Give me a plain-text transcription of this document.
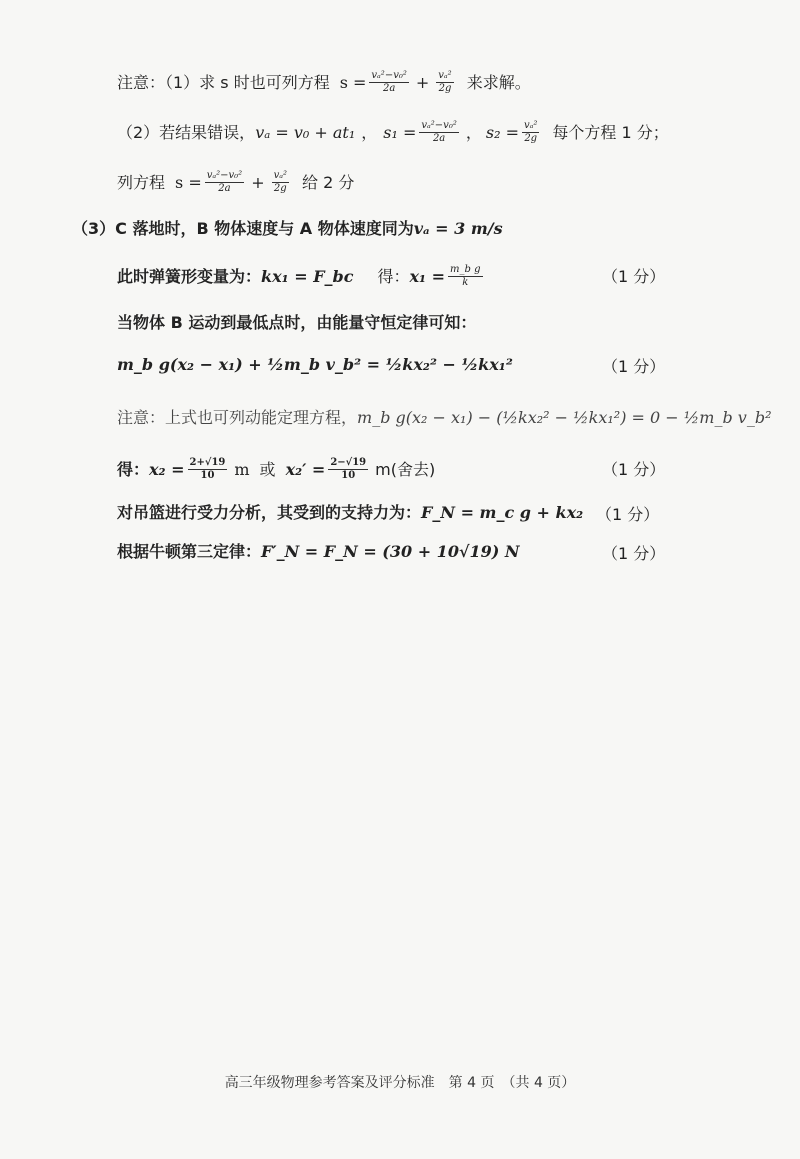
注意：（1）求 s 时也可列方程 $s = \frac{\text{vₐ²−v₀²}}{2a} + \frac{\text{vₐ²}}{2g}$ 来求解。
（2）若结果错误， vₐ = v₀ + at₁ ， $s_1 = \frac{\text{vₐ²−v₀²}}{2a}$ ， $s_2 = \frac{\text{vₐ²}}{2g}$ 每个方程 1 分；
列方程 $s = \frac{\text{vₐ²−v₀²}}{2a} + \frac{\text{vₐ²}}{2g}$ 给 2 分
（3） C 落地时，B 物体速度与 A 物体速度同为 vₐ = 3 m/s
此时弹簧形变量为： kx₁ = F_bc 得： $x_1 = \frac{\text{m\_b g}}{k}$	（1 分）
当物体 B 运动到最低点时，由能量守恒定律可知：
m_b g(x₂ − x₁) + ½m_b v_b² = ½kx₂² − ½kx₁²	（1 分）
注意：上式也可列动能定理方程， m_b g(x₂ − x₁) − (½kx₂² − ½kx₁²) = 0 − ½m_b v_b²
得： $x_2 = \frac{2+√19}{10}$ m 或 $x_2' = \frac{2-√19}{10} m$(舍去)	（1 分）
对吊篮进行受力分析，其受到的支持力为： F_N = m_c g + kx₂ （1 分）
根据牛顿第三定律： F′_N = F_N = (30 + 10√19) N	（1 分）
高三年级物理参考答案及评分标准　第 4 页　（共 4 页）
